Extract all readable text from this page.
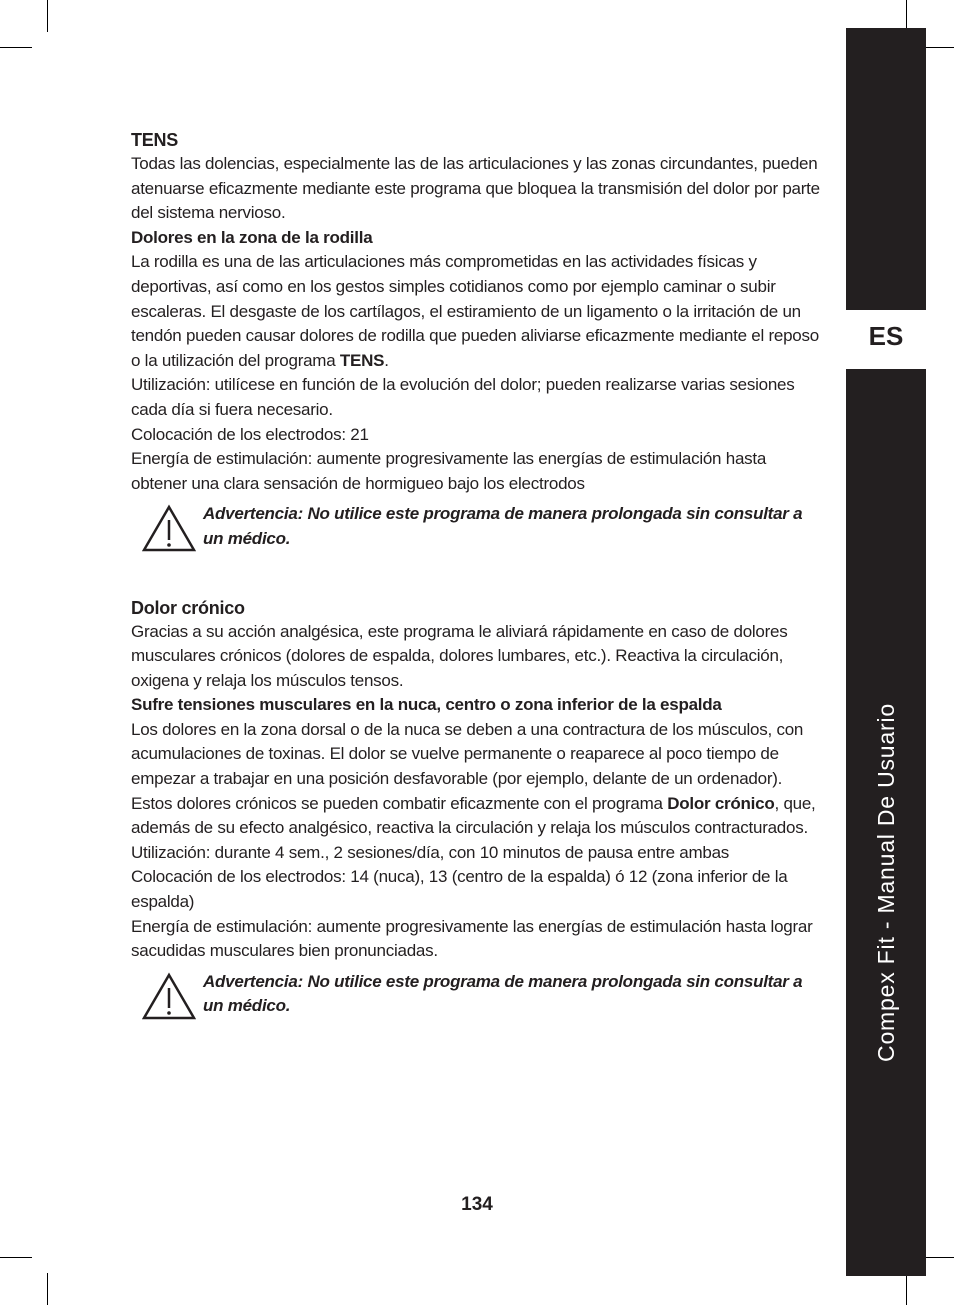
ES
Compex Fit - Manual De Usuario

TENS

Todas las dolencias, especialmente las de las articulaciones y las zonas circundantes, pueden atenuarse eficazmente mediante este programa que bloquea la transmisión del dolor por parte del sistema nervioso.

Dolores en la zona de la rodilla

La rodilla es una de las articulaciones más comprometidas en las actividades físicas y deportivas, así como en los gestos simples cotidianos como por ejemplo caminar o subir escaleras. El desgaste de los cartílagos, el estiramiento de un ligamento o la irritación de un tendón pueden causar dolores de rodilla que pueden aliviarse eficazmente mediante el reposo o la utilización del programa TENS.

Utilización: utilícese en función de la evolución del dolor; pueden realizarse varias sesiones cada día si fuera necesario.

Colocación de los electrodos: 21

Energía de estimulación: aumente progresivamente las energías de estimulación hasta obtener una clara sensación de hormigueo bajo los electrodos

Advertencia: No utilice este programa de manera prolongada sin consultar a un médico.

Dolor crónico

Gracias a su acción analgésica, este programa le aliviará rápidamente en caso de dolores musculares crónicos (dolores de espalda, dolores lumbares, etc.). Reactiva la circulación, oxigena y relaja los músculos tensos.

Sufre tensiones musculares en la nuca, centro o zona inferior de la espalda

Los dolores en la zona dorsal o de la nuca se deben a una contractura de los músculos, con acumulaciones de toxinas. El dolor se vuelve permanente o reaparece al poco tiempo de empezar a trabajar en una posición desfavorable (por ejemplo, delante de un ordenador). Estos dolores crónicos se pueden combatir eficazmente con el programa Dolor crónico, que, además de su efecto analgésico, reactiva la circulación y relaja los músculos contracturados.

Utilización: durante 4 sem., 2 sesiones/día, con 10 minutos de pausa entre ambas

Colocación de los electrodos: 14 (nuca), 13 (centro de la espalda) ó 12 (zona inferior de la espalda)

Energía de estimulación: aumente progresivamente las energías de estimulación hasta lograr sacudidas musculares bien pronunciadas.

Advertencia: No utilice este programa de manera prolongada sin consultar a un médico.

134
